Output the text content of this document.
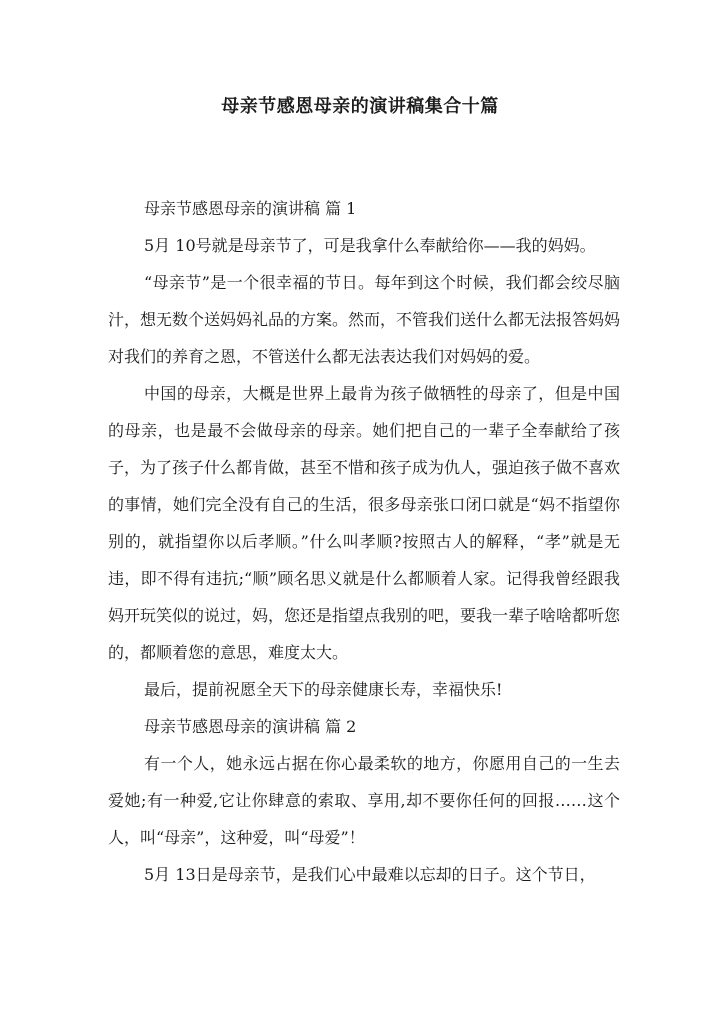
母亲节感恩母亲的演讲稿集合十篇

母亲节感恩母亲的演讲稿 篇 1

5月 10号就是母亲节了，可是我拿什么奉献给你——我的妈妈。

“母亲节”是一个很幸福的节日。每年到这个时候，我们都会绞尽脑汁，想无数个送妈妈礼品的方案。然而，不管我们送什么都无法报答妈妈对我们的养育之恩，不管送什么都无法表达我们对妈妈的爱。

中国的母亲，大概是世界上最肯为孩子做牺牲的母亲了，但是中国的母亲，也是最不会做母亲的母亲。她们把自己的一辈子全奉献给了孩子，为了孩子什么都肯做，甚至不惜和孩子成为仇人，强迫孩子做不喜欢的事情，她们完全没有自己的生活，很多母亲张口闭口就是“妈不指望你别的，就指望你以后孝顺。”什么叫孝顺?按照古人的解释，“孝”就是无违，即不得有违抗;“顺”顾名思义就是什么都顺着人家。记得我曾经跟我妈开玩笑似的说过，妈，您还是指望点我别的吧，要我一辈子啥啥都听您的，都顺着您的意思，难度太大。

最后，提前祝愿全天下的母亲健康长寿，幸福快乐!

母亲节感恩母亲的演讲稿 篇 2

有一个人，她永远占据在你心最柔软的地方，你愿用自己的一生去爱她;有一种爱,它让你肆意的索取、享用,却不要你任何的回报……这个人，叫“母亲”，这种爱，叫“母爱”！

5月 13日是母亲节，是我们心中最难以忘却的日子。这个节日，
